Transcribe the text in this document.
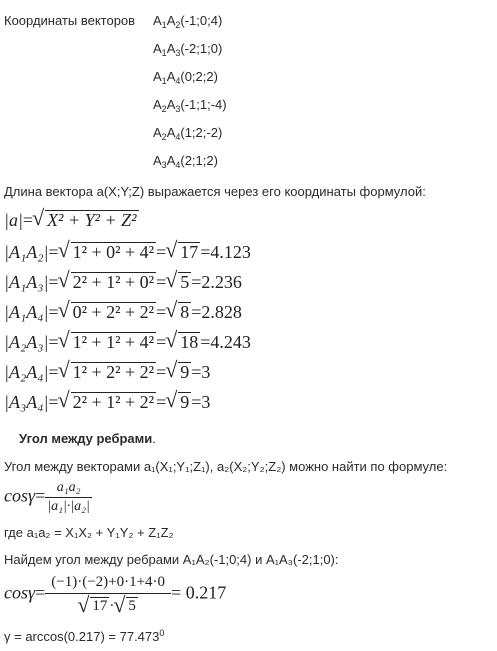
Координаты векторов $A_1A_2(-1;0;4)$
$A_1A_3(-2;1;0)$
$A_1A_4(0;2;2)$
$A_2A_3(-1;1;-4)$
$A_2A_4(1;2;-2)$
$A_3A_4(2;1;2)$
Длина вектора a(X;Y;Z) выражается через его координаты формулой:
|a|= √ X² + Y² + Z²
|A₁A₂|= √ 1² + 0² + 4² = √ 17 =4.123
|A₁A₃|= √ 2² + 1² + 0² = √ 5 =2.236
|A₁A₄|= √ 0² + 2² + 2² = √ 8 =2.828
|A₂A₃|= √ 1² + 1² + 4² = √ 18 =4.243
|A₂A₄|= √ 1² + 2² + 2² = √ 9 =3
|A₃A₄|= √ 2² + 1² + 2² = √ 9 =3
Угол между ребрами.
Угол между векторами a₁(X₁;Y₁;Z₁), a₂(X₂;Y₂;Z₂) можно найти по формуле:
$\cos\gamma= \frac{\text{a₁a₂}}{\text{|a₁|·|a₂|}}$
где a₁a₂ = X₁X₂ + Y₁Y₂ + Z₁Z₂
Найдем угол между ребрами A₁A₂(-1;0;4) и A₁A₃(-2;1;0):
cosγ= (−1)·(−2)+0·1+4·0
√ 17 · √ 5 = 0.217
$\gamma = \arccos(0.217) = 77.473^0$
